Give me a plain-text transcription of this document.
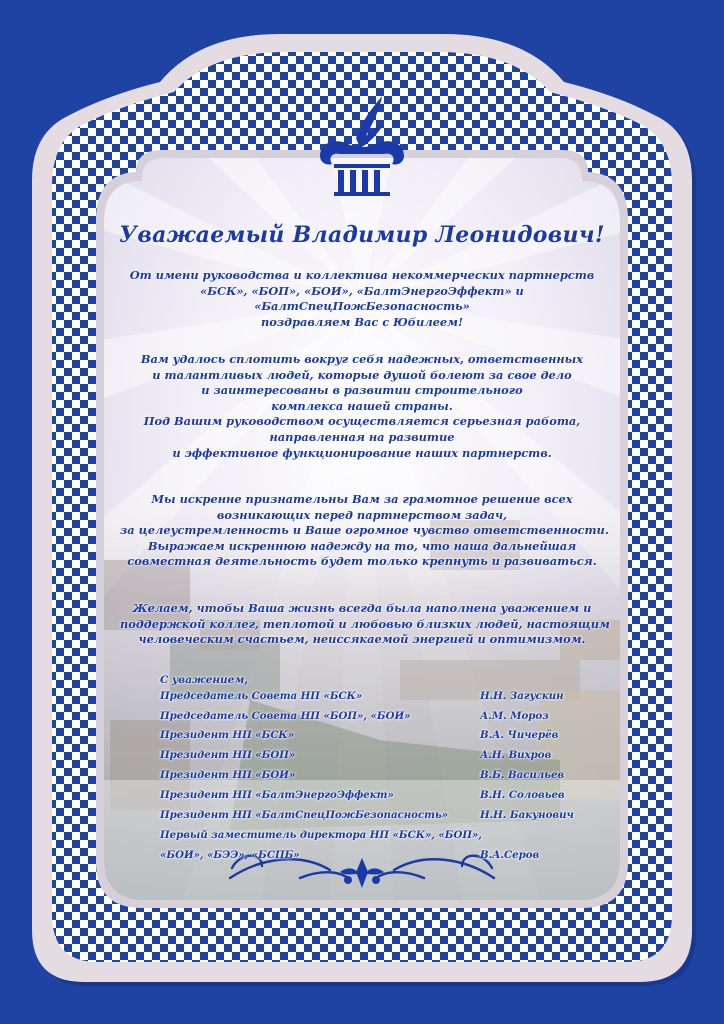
Уважаемый Владимир Леонидович!
От имени руководства и коллектива некоммерческих партнерств
«БСК», «БОП», «БОИ», «БалтЭнергоЭффект» и
«БалтСпецПожБезопасность»
поздравляем Вас с Юбилеем!
Вам удалось сплотить вокруг себя надежных, ответственных
и талантливых людей, которые душой болеют за свое дело
и заинтересованы в развитии строительного
комплекса нашей страны.
Под Вашим руководством осуществляется серьезная работа,
направленная на развитие
и эффективное функционирование наших партнерств.
Мы искренне признательны Вам за грамотное решение всех
возникающих перед партнерством задач,
за целеустремленность и Ваше огромное чувство ответственности.
Выражаем искреннюю надежду на то, что наша дальнейшая
совместная деятельность будет только крепнуть и развиваться.
Желаем, чтобы Ваша жизнь всегда была наполнена уважением и
поддержкой коллег, теплотой и любовью близких людей, настоящим
человеческим счастьем, неиссякаемой энергией и оптимизмом.
С уважением,
Председатель Совета НП «БСК»	Н.Н. Загускин
Председатель Совета НП «БОП», «БОИ»	А.М. Мороз
Президент НП «БСК»	В.А. Чичерёв
Президент НП «БОП»	А.Н. Вихров
Президент НП «БОИ»	В.Б. Васильев
Президент НП «БалтЭнергоЭффект»	В.Н. Соловьев
Президент НП «БалтСпецПожБезопасность»	Н.Н. Бакунович
Первый заместитель директора НП «БСК», «БОП»,
«БОИ», «БЭЭ», «БСПБ»	В.А.Серов
